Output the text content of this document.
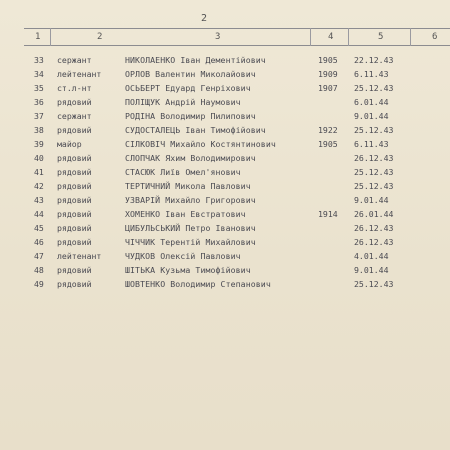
2
1	2	3	4	5	6
33 сержант	НИКОЛАЕНКО Іван Дементійович	1905 22.12.43
34 лейтенант	ОРЛОВ Валентин Миколайович	1909 6.11.43
35 ст.л-нт	ОСЬБЕРТ Едуард Генріхович	1907 25.12.43
36 рядовий	ПОЛІЩУК Андрій Наумович	6.01.44
37 сержант	РОДІНА Володимир Пилипович	9.01.44
38 рядовий	СУДОСТАЛЕЦЬ Іван Тимофійович	1922 25.12.43
39 майор	СІЛКОВІЧ Михайло Костянтинович	1905 6.11.43
40 рядовий	СЛОПЧАК Яхим Володимирович	26.12.43
41 рядовий	СТАСЮК Лиїв Омел'янович	25.12.43
42 рядовий	ТЕРТИЧНИЙ Микола Павлович	25.12.43
43 рядовий	УЗВАРІЙ Михайло Григорович	9.01.44
44 рядовий	ХОМЕНКО Іван Евстратович	1914 26.01.44
45 рядовий	ЦИБУЛЬСЬКИЙ Петро Іванович	26.12.43
46 рядовий	ЧІЧЧИК Терентій Михайлович	26.12.43
47 лейтенант	ЧУДКОВ Олексій Павлович	4.01.44
48 рядовий	ШІТЬКА Кузьма Тимофійович	9.01.44
49 рядовий	ШОВТЕНКО Володимир Степанович	25.12.43
